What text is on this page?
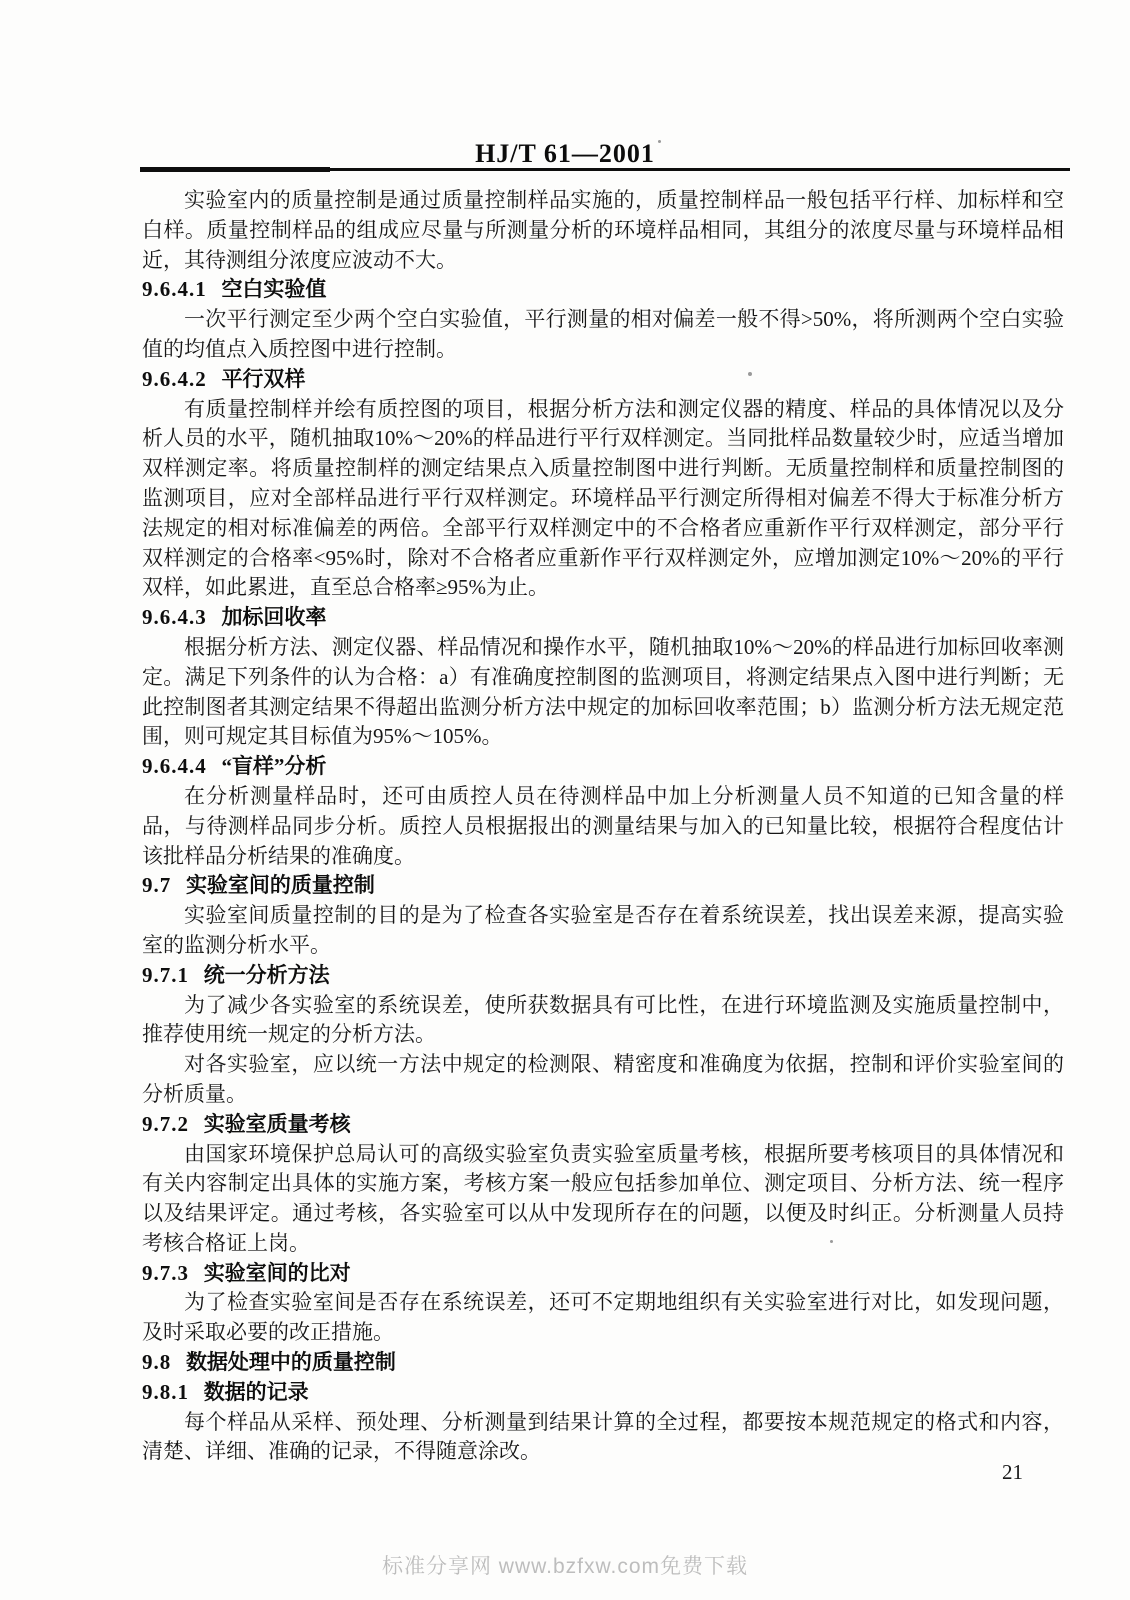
HJ/T 61—2001

实验室内的质量控制是通过质量控制样品实施的，质量控制样品一般包括平行样、加标样和空白样。质量控制样品的组成应尽量与所测量分析的环境样品相同，其组分的浓度尽量与环境样品相近，其待测组分浓度应波动不大。

9.6.4.1 空白实验值

一次平行测定至少两个空白实验值，平行测量的相对偏差一般不得>50%，将所测两个空白实验值的均值点入质控图中进行控制。

9.6.4.2 平行双样

有质量控制样并绘有质控图的项目，根据分析方法和测定仪器的精度、样品的具体情况以及分析人员的水平，随机抽取10%～20%的样品进行平行双样测定。当同批样品数量较少时，应适当增加双样测定率。将质量控制样的测定结果点入质量控制图中进行判断。无质量控制样和质量控制图的监测项目，应对全部样品进行平行双样测定。环境样品平行测定所得相对偏差不得大于标准分析方法规定的相对标准偏差的两倍。全部平行双样测定中的不合格者应重新作平行双样测定，部分平行双样测定的合格率<95%时，除对不合格者应重新作平行双样测定外，应增加测定10%～20%的平行双样，如此累进，直至总合格率≥95%为止。

9.6.4.3 加标回收率

根据分析方法、测定仪器、样品情况和操作水平，随机抽取10%～20%的样品进行加标回收率测定。满足下列条件的认为合格：a）有准确度控制图的监测项目，将测定结果点入图中进行判断；无此控制图者其测定结果不得超出监测分析方法中规定的加标回收率范围；b）监测分析方法无规定范围，则可规定其目标值为95%～105%。

9.6.4.4 “盲样”分析

在分析测量样品时，还可由质控人员在待测样品中加上分析测量人员不知道的已知含量的样品，与待测样品同步分析。质控人员根据报出的测量结果与加入的已知量比较，根据符合程度估计该批样品分析结果的准确度。

9.7 实验室间的质量控制

实验室间质量控制的目的是为了检查各实验室是否存在着系统误差，找出误差来源，提高实验室的监测分析水平。

9.7.1 统一分析方法

为了减少各实验室的系统误差，使所获数据具有可比性，在进行环境监测及实施质量控制中，推荐使用统一规定的分析方法。

对各实验室，应以统一方法中规定的检测限、精密度和准确度为依据，控制和评价实验室间的分析质量。

9.7.2 实验室质量考核

由国家环境保护总局认可的高级实验室负责实验室质量考核，根据所要考核项目的具体情况和有关内容制定出具体的实施方案，考核方案一般应包括参加单位、测定项目、分析方法、统一程序以及结果评定。通过考核，各实验室可以从中发现所存在的问题，以便及时纠正。分析测量人员持考核合格证上岗。

9.7.3 实验室间的比对

为了检查实验室间是否存在系统误差，还可不定期地组织有关实验室进行对比，如发现问题，及时采取必要的改正措施。

9.8 数据处理中的质量控制
9.8.1 数据的记录

每个样品从采样、预处理、分析测量到结果计算的全过程，都要按本规范规定的格式和内容，清楚、详细、准确的记录，不得随意涂改。

21
标准分享网 www.bzfxw.com免费下载
